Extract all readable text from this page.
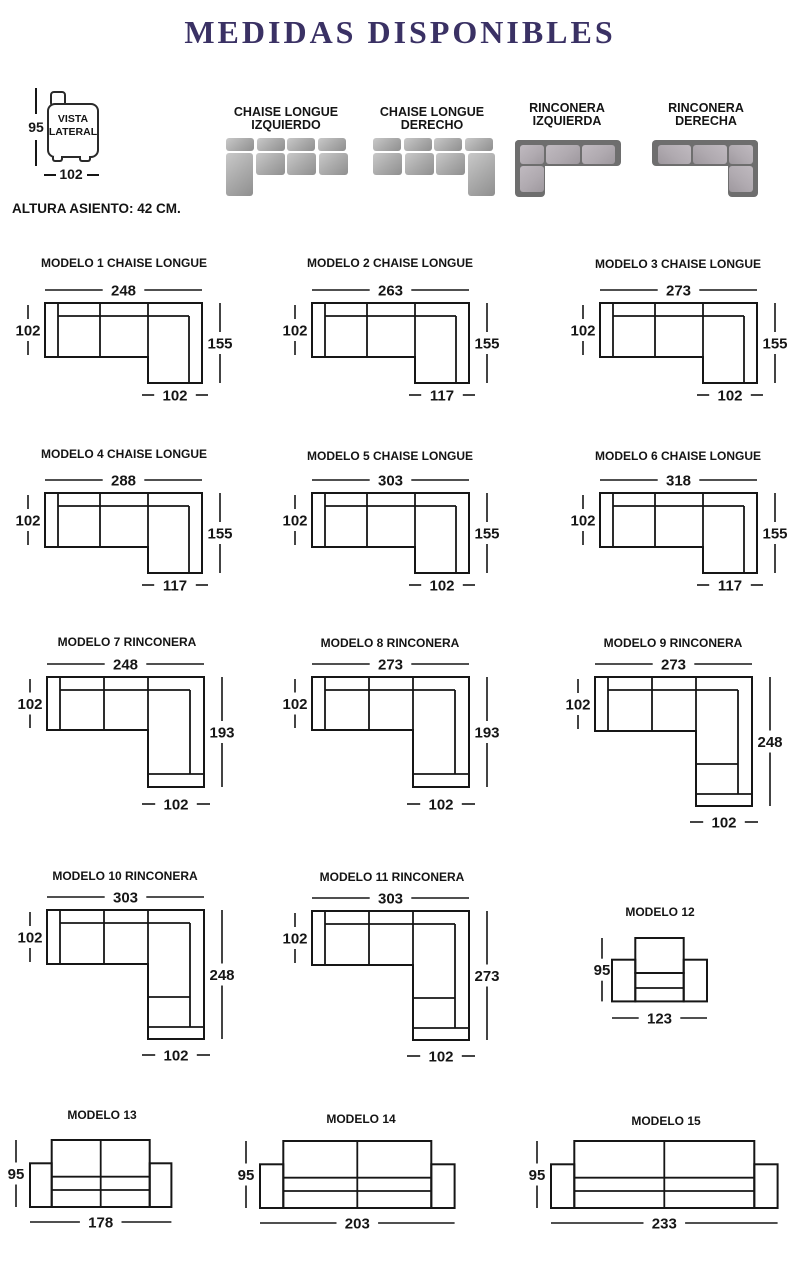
MEDIDAS DISPONIBLES
95	VISTA
LATERAL
102
ALTURA ASIENTO: 42 CM.
CHAISE LONGUE
IZQUIERDO
CHAISE LONGUE
DERECHO
RINCONERA
IZQUIERDA
RINCONERA
DERECHA
MODELO 1 CHAISE LONGUE	MODELO 2 CHAISE LONGUE	MODELO 3 CHAISE LONGUE
MODELO 4 CHAISE LONGUE	MODELO 5 CHAISE LONGUE	MODELO 6 CHAISE LONGUE
MODELO 7 RINCONERA	MODELO 8 RINCONERA	MODELO 9 RINCONERA
MODELO 10 RINCONERA	MODELO 11 RINCONERA
MODELO 12
MODELO 13	MODELO 14	MODELO 15
248
102
155
102
263
102
155
117
273
102
155
102
288
102
155
117
303
102
155
102
318
102
155
117
248
102
193
102
273
102
193
102
273
102
248
102
303
102
248
102
303
102
273
102
95
123
95
178
95
203
95
233
